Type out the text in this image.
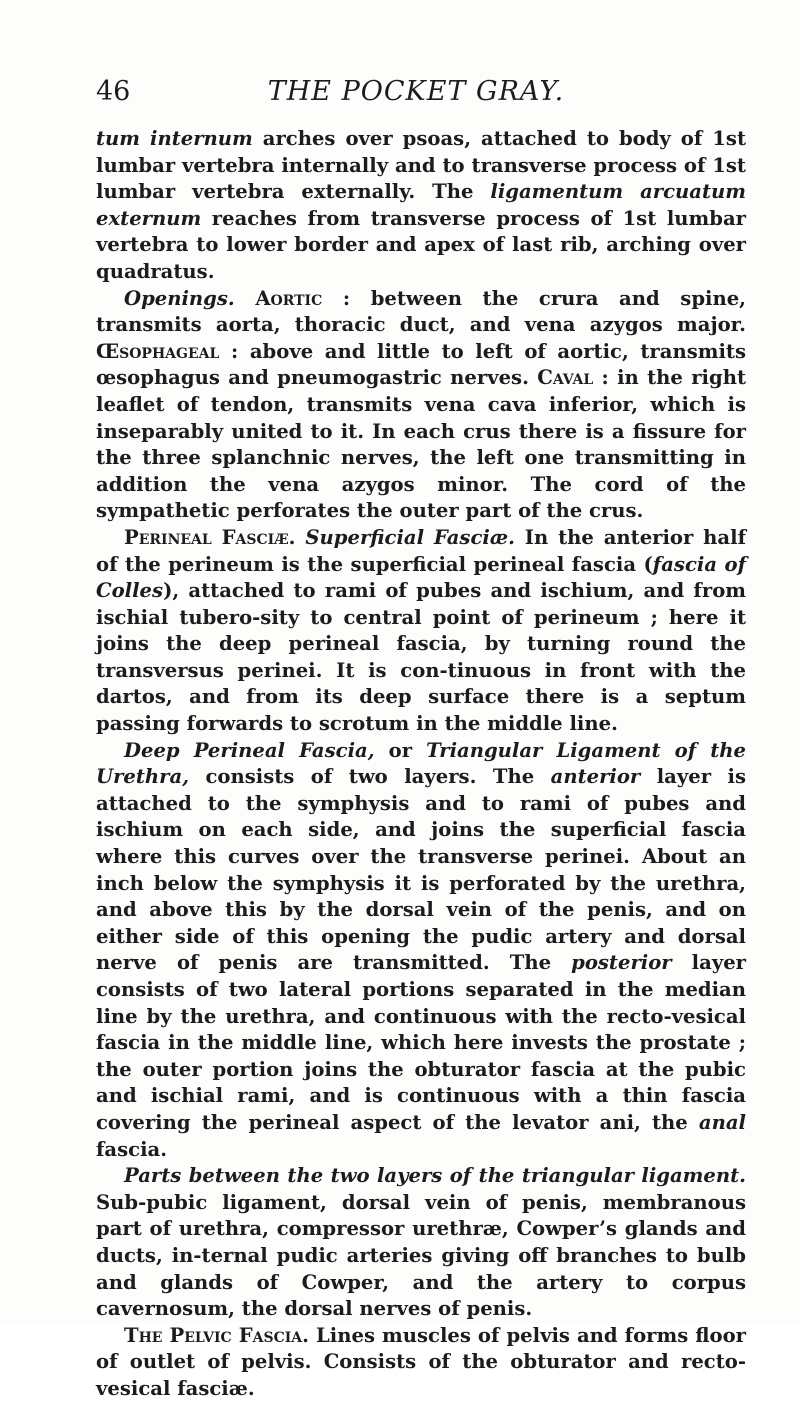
46	THE POCKET GRAY.

tum internum arches over psoas, attached to body of 1st lumbar vertebra internally and to transverse process of 1st lumbar vertebra externally. The ligamentum arcuatum externum reaches from transverse process of 1st lumbar vertebra to lower border and apex of last rib, arching over quadratus.

Openings. Aortic : between the crura and spine, transmits aorta, thoracic duct, and vena azygos major. Œsophageal : above and little to left of aortic, transmits œsophagus and pneumogastric nerves. Caval : in the right leaflet of tendon, transmits vena cava inferior, which is inseparably united to it. In each crus there is a fissure for the three splanchnic nerves, the left one transmitting in addition the vena azygos minor. The cord of the sympathetic perforates the outer part of the crus.

Perineal Fasciæ. Superficial Fasciæ. In the anterior half of the perineum is the superficial perineal fascia (fascia of Colles), attached to rami of pubes and ischium, and from ischial tubero-sity to central point of perineum ; here it joins the deep perineal fascia, by turning round the transversus perinei. It is con-tinuous in front with the dartos, and from its deep surface there is a septum passing forwards to scrotum in the middle line.

Deep Perineal Fascia, or Triangular Ligament of the Urethra, consists of two layers. The anterior layer is attached to the symphysis and to rami of pubes and ischium on each side, and joins the superficial fascia where this curves over the transverse perinei. About an inch below the symphysis it is perforated by the urethra, and above this by the dorsal vein of the penis, and on either side of this opening the pudic artery and dorsal nerve of penis are transmitted. The posterior layer consists of two lateral portions separated in the median line by the urethra, and continuous with the recto-vesical fascia in the middle line, which here invests the prostate ; the outer portion joins the obturator fascia at the pubic and ischial rami, and is continuous with a thin fascia covering the perineal aspect of the levator ani, the anal fascia.

Parts between the two layers of the triangular ligament. Sub-pubic ligament, dorsal vein of penis, membranous part of urethra, compressor urethræ, Cowper’s glands and ducts, in-ternal pudic arteries giving off branches to bulb and glands of Cowper, and the artery to corpus cavernosum, the dorsal nerves of penis.

The Pelvic Fascia. Lines muscles of pelvis and forms floor of outlet of pelvis. Consists of the obturator and recto-vesical fasciæ.
